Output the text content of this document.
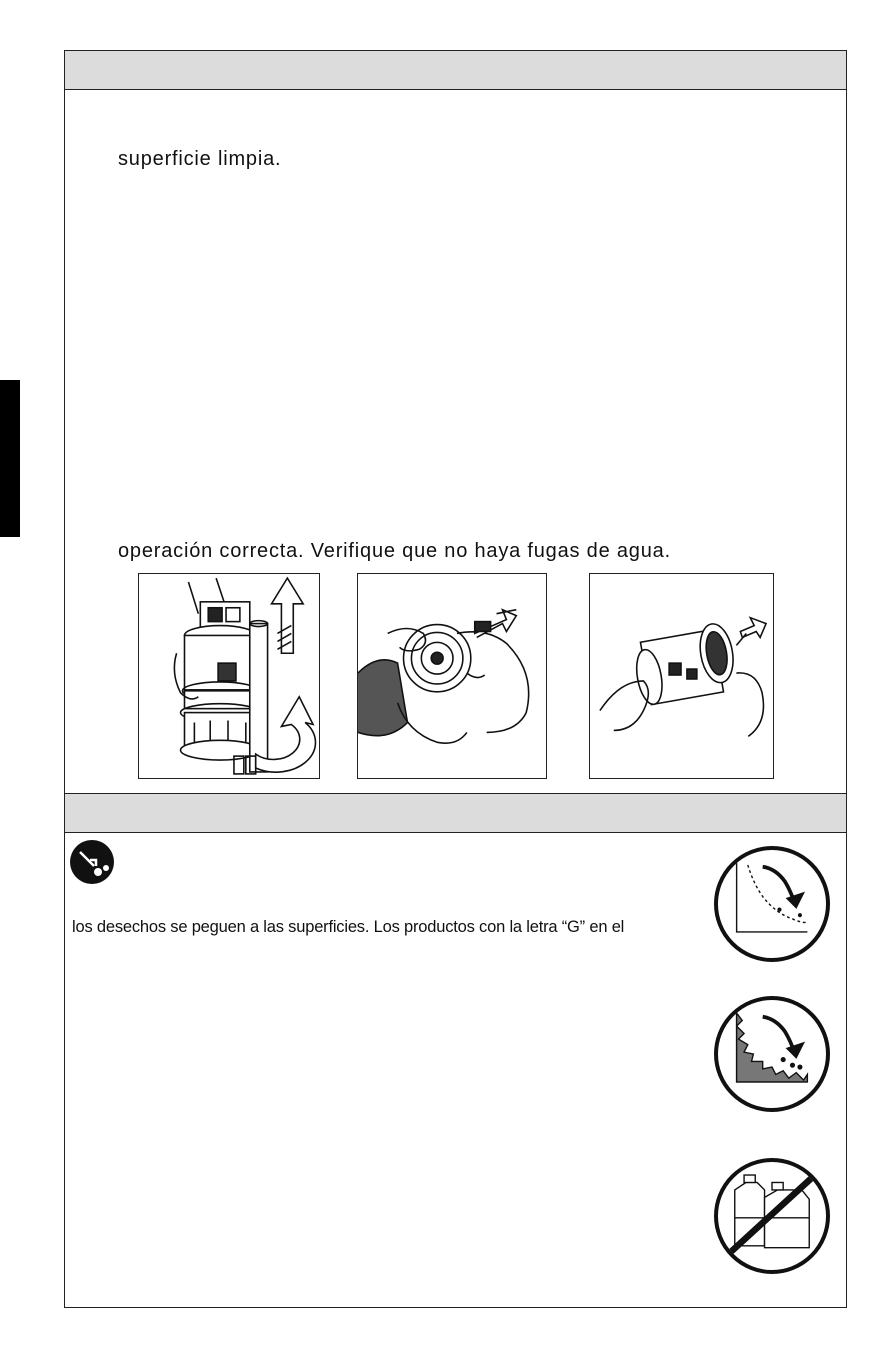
superficie limpia.
operación correcta. Verifique que no haya fugas de agua.
los desechos se peguen a las superficies. Los productos con la letra “G” en el
